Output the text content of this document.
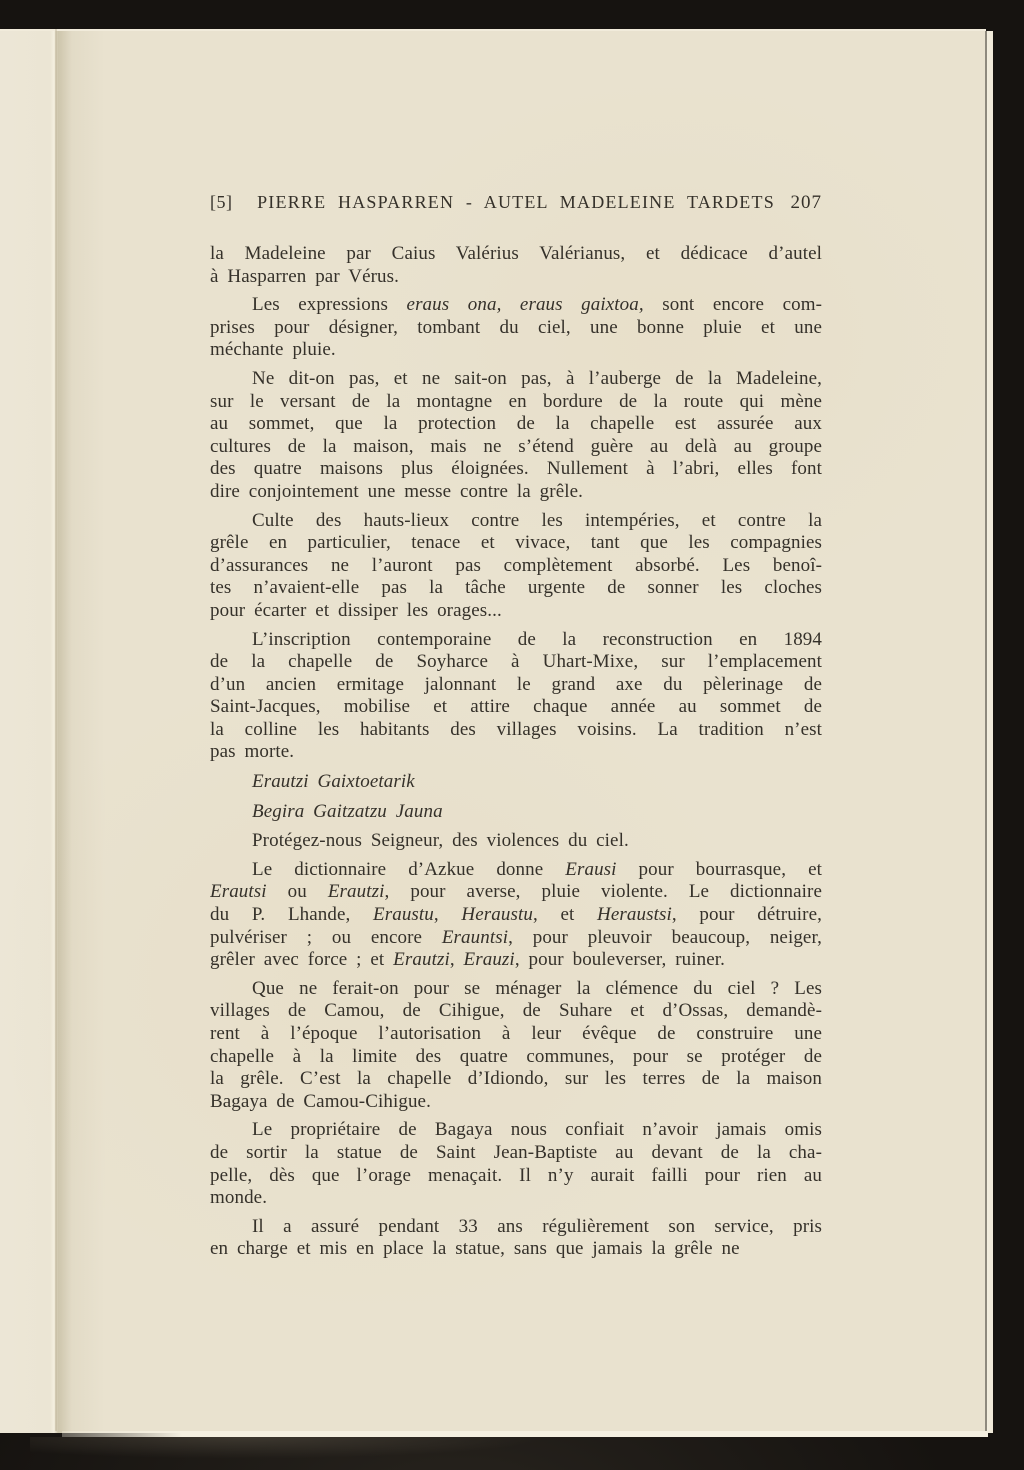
[5]	PIERRE HASPARREN - AUTEL MADELEINE TARDETS 207
la Madeleine par Caius Valérius Valérianus, et dédicace d’autel
à Hasparren par Vérus.
Les expressions eraus ona, eraus gaixtoa, sont encore com-
prises pour désigner, tombant du ciel, une bonne pluie et une
méchante pluie.
Ne dit-on pas, et ne sait-on pas, à l’auberge de la Madeleine,
sur le versant de la montagne en bordure de la route qui mène
au sommet, que la protection de la chapelle est assurée aux
cultures de la maison, mais ne s’étend guère au delà au groupe
des quatre maisons plus éloignées. Nullement à l’abri, elles font
dire conjointement une messe contre la grêle.
Culte des hauts-lieux contre les intempéries, et contre la
grêle en particulier, tenace et vivace, tant que les compagnies
d’assurances ne l’auront pas complètement absorbé. Les benoî-
tes n’avaient-elle pas la tâche urgente de sonner les cloches
pour écarter et dissiper les orages...
L’inscription contemporaine de la reconstruction en 1894
de la chapelle de Soyharce à Uhart-Mixe, sur l’emplacement
d’un ancien ermitage jalonnant le grand axe du pèlerinage de
Saint-Jacques, mobilise et attire chaque année au sommet de
la colline les habitants des villages voisins. La tradition n’est
pas morte.
Erautzi Gaixtoetarik
Begira Gaitzatzu Jauna
Protégez-nous Seigneur, des violences du ciel.
Le dictionnaire d’Azkue donne Erausi pour bourrasque, et
Erautsi ou Erautzi, pour averse, pluie violente. Le dictionnaire
du P. Lhande, Eraustu, Heraustu, et Heraustsi, pour détruire,
pulvériser ; ou encore Erauntsi, pour pleuvoir beaucoup, neiger,
grêler avec force ; et Erautzi, Erauzi, pour bouleverser, ruiner.
Que ne ferait-on pour se ménager la clémence du ciel ? Les
villages de Camou, de Cihigue, de Suhare et d’Ossas, demandè-
rent à l’époque l’autorisation à leur évêque de construire une
chapelle à la limite des quatre communes, pour se protéger de
la grêle. C’est la chapelle d’Idiondo, sur les terres de la maison
Bagaya de Camou-Cihigue.
Le propriétaire de Bagaya nous confiait n’avoir jamais omis
de sortir la statue de Saint Jean-Baptiste au devant de la cha-
pelle, dès que l’orage menaçait. Il n’y aurait failli pour rien au
monde.
Il a assuré pendant 33 ans régulièrement son service, pris
en charge et mis en place la statue, sans que jamais la grêle ne
